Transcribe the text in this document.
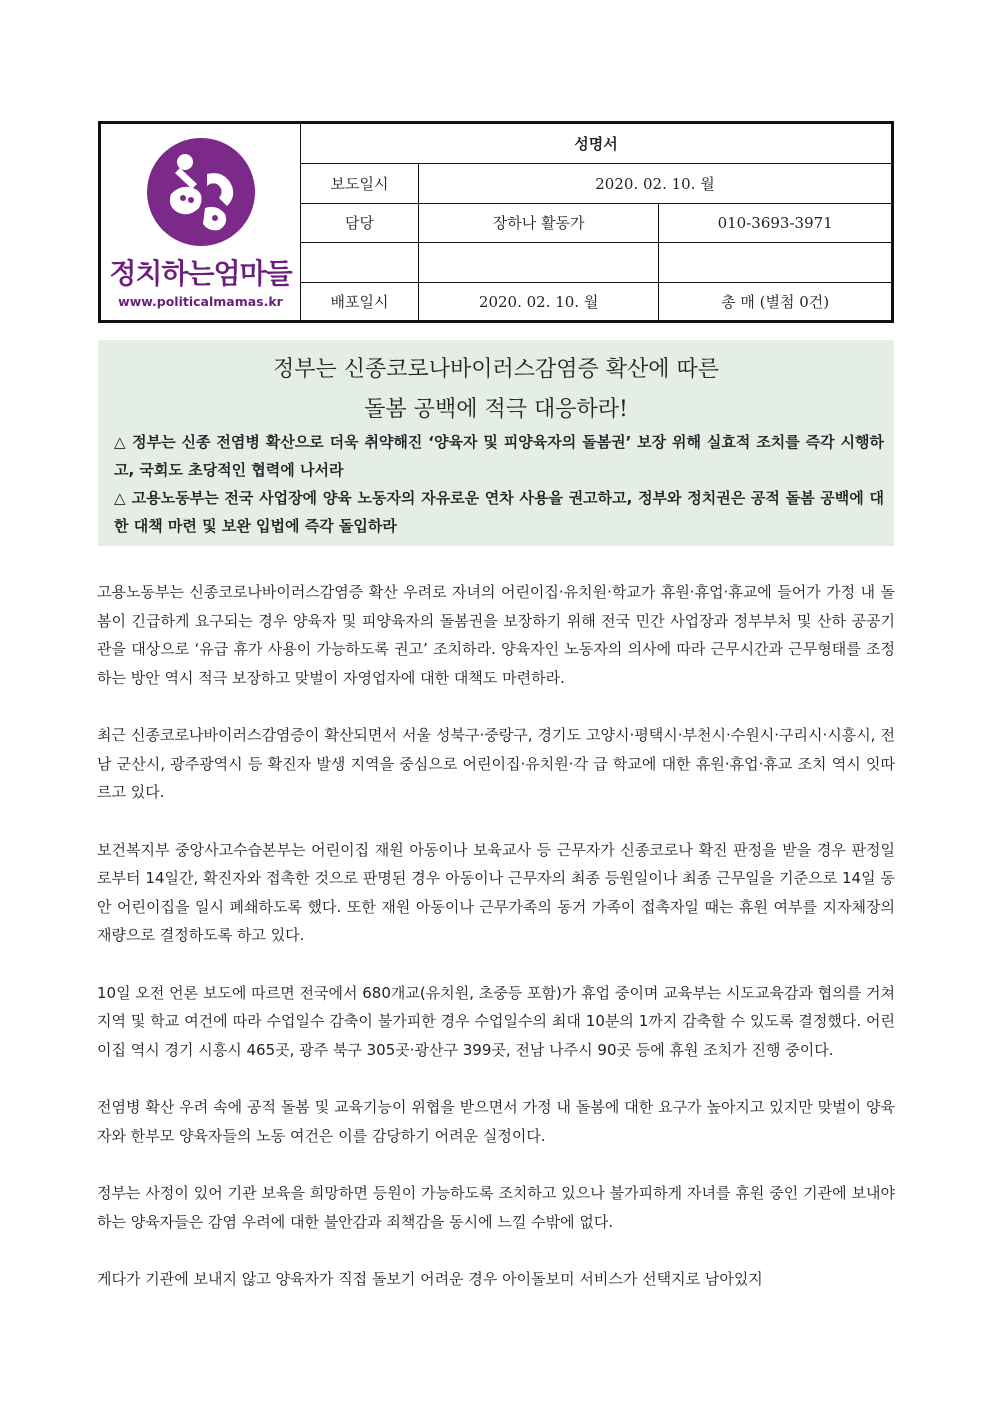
정치하는엄마들
www.politicalmamas.kr	성명서		
	보도일시	2020. 02. 10. 월	
	담당	장하나 활동가	010-3693-3971

	배포일시	2020. 02. 10. 월	총 매 (별첨 0건)
정부는 신종코로나바이러스감염증 확산에 따른
돌봄 공백에 적극 대응하라!

△ 정부는 신종 전염병 확산으로 더욱 취약해진 ‘양육자 및 피양육자의 돌봄권’ 보장 위해 실효적 조치를 즉각 시행하고, 국회도 초당적인 협력에 나서라

△ 고용노동부는 전국 사업장에 양육 노동자의 자유로운 연차 사용을 권고하고, 정부와 정치권은 공적 돌봄 공백에 대한 대책 마련 및 보완 입법에 즉각 돌입하라

고용노동부는 신종코로나바이러스감염증 확산 우려로 자녀의 어린이집·유치원·학교가 휴원·휴업·휴교에 들어가 가정 내 돌봄이 긴급하게 요구되는 경우 양육자 및 피양육자의 돌봄권을 보장하기 위해 전국 민간 사업장과 정부부처 및 산하 공공기관을 대상으로 ‘유급 휴가 사용이 가능하도록 권고’ 조치하라. 양육자인 노동자의 의사에 따라 근무시간과 근무형태를 조정하는 방안 역시 적극 보장하고 맞벌이 자영업자에 대한 대책도 마련하라.

최근 신종코로나바이러스감염증이 확산되면서 서울 성북구·중랑구, 경기도 고양시·평택시·부천시·수원시·구리시·시흥시, 전남 군산시, 광주광역시 등 확진자 발생 지역을 중심으로 어린이집·유치원·각 급 학교에 대한 휴원·휴업·휴교 조치 역시 잇따르고 있다.

보건복지부 중앙사고수습본부는 어린이집 재원 아동이나 보육교사 등 근무자가 신종코로나 확진 판정을 받을 경우 판정일로부터 14일간, 확진자와 접촉한 것으로 판명된 경우 아동이나 근무자의 최종 등원일이나 최종 근무일을 기준으로 14일 동안 어린이집을 일시 폐쇄하도록 했다. 또한 재원 아동이나 근무가족의 동거 가족이 접촉자일 때는 휴원 여부를 지자체장의 재량으로 결정하도록 하고 있다.

10일 오전 언론 보도에 따르면 전국에서 680개교(유치원, 초중등 포함)가 휴업 중이며 교육부는 시도교육감과 협의를 거쳐 지역 및 학교 여건에 따라 수업일수 감축이 불가피한 경우 수업일수의 최대 10분의 1까지 감축할 수 있도록 결정했다. 어린이집 역시 경기 시흥시 465곳, 광주 북구 305곳·광산구 399곳, 전남 나주시 90곳 등에 휴원 조치가 진행 중이다.

전염병 확산 우려 속에 공적 돌봄 및 교육기능이 위협을 받으면서 가정 내 돌봄에 대한 요구가 높아지고 있지만 맞벌이 양육자와 한부모 양육자들의 노동 여건은 이를 감당하기 어려운 실정이다.

정부는 사정이 있어 기관 보육을 희망하면 등원이 가능하도록 조치하고 있으나 불가피하게 자녀를 휴원 중인 기관에 보내야 하는 양육자들은 감염 우려에 대한 불안감과 죄책감을 동시에 느낄 수밖에 없다.

게다가 기관에 보내지 않고 양육자가 직접 돌보기 어려운 경우 아이돌보미 서비스가 선택지로 남아있지
